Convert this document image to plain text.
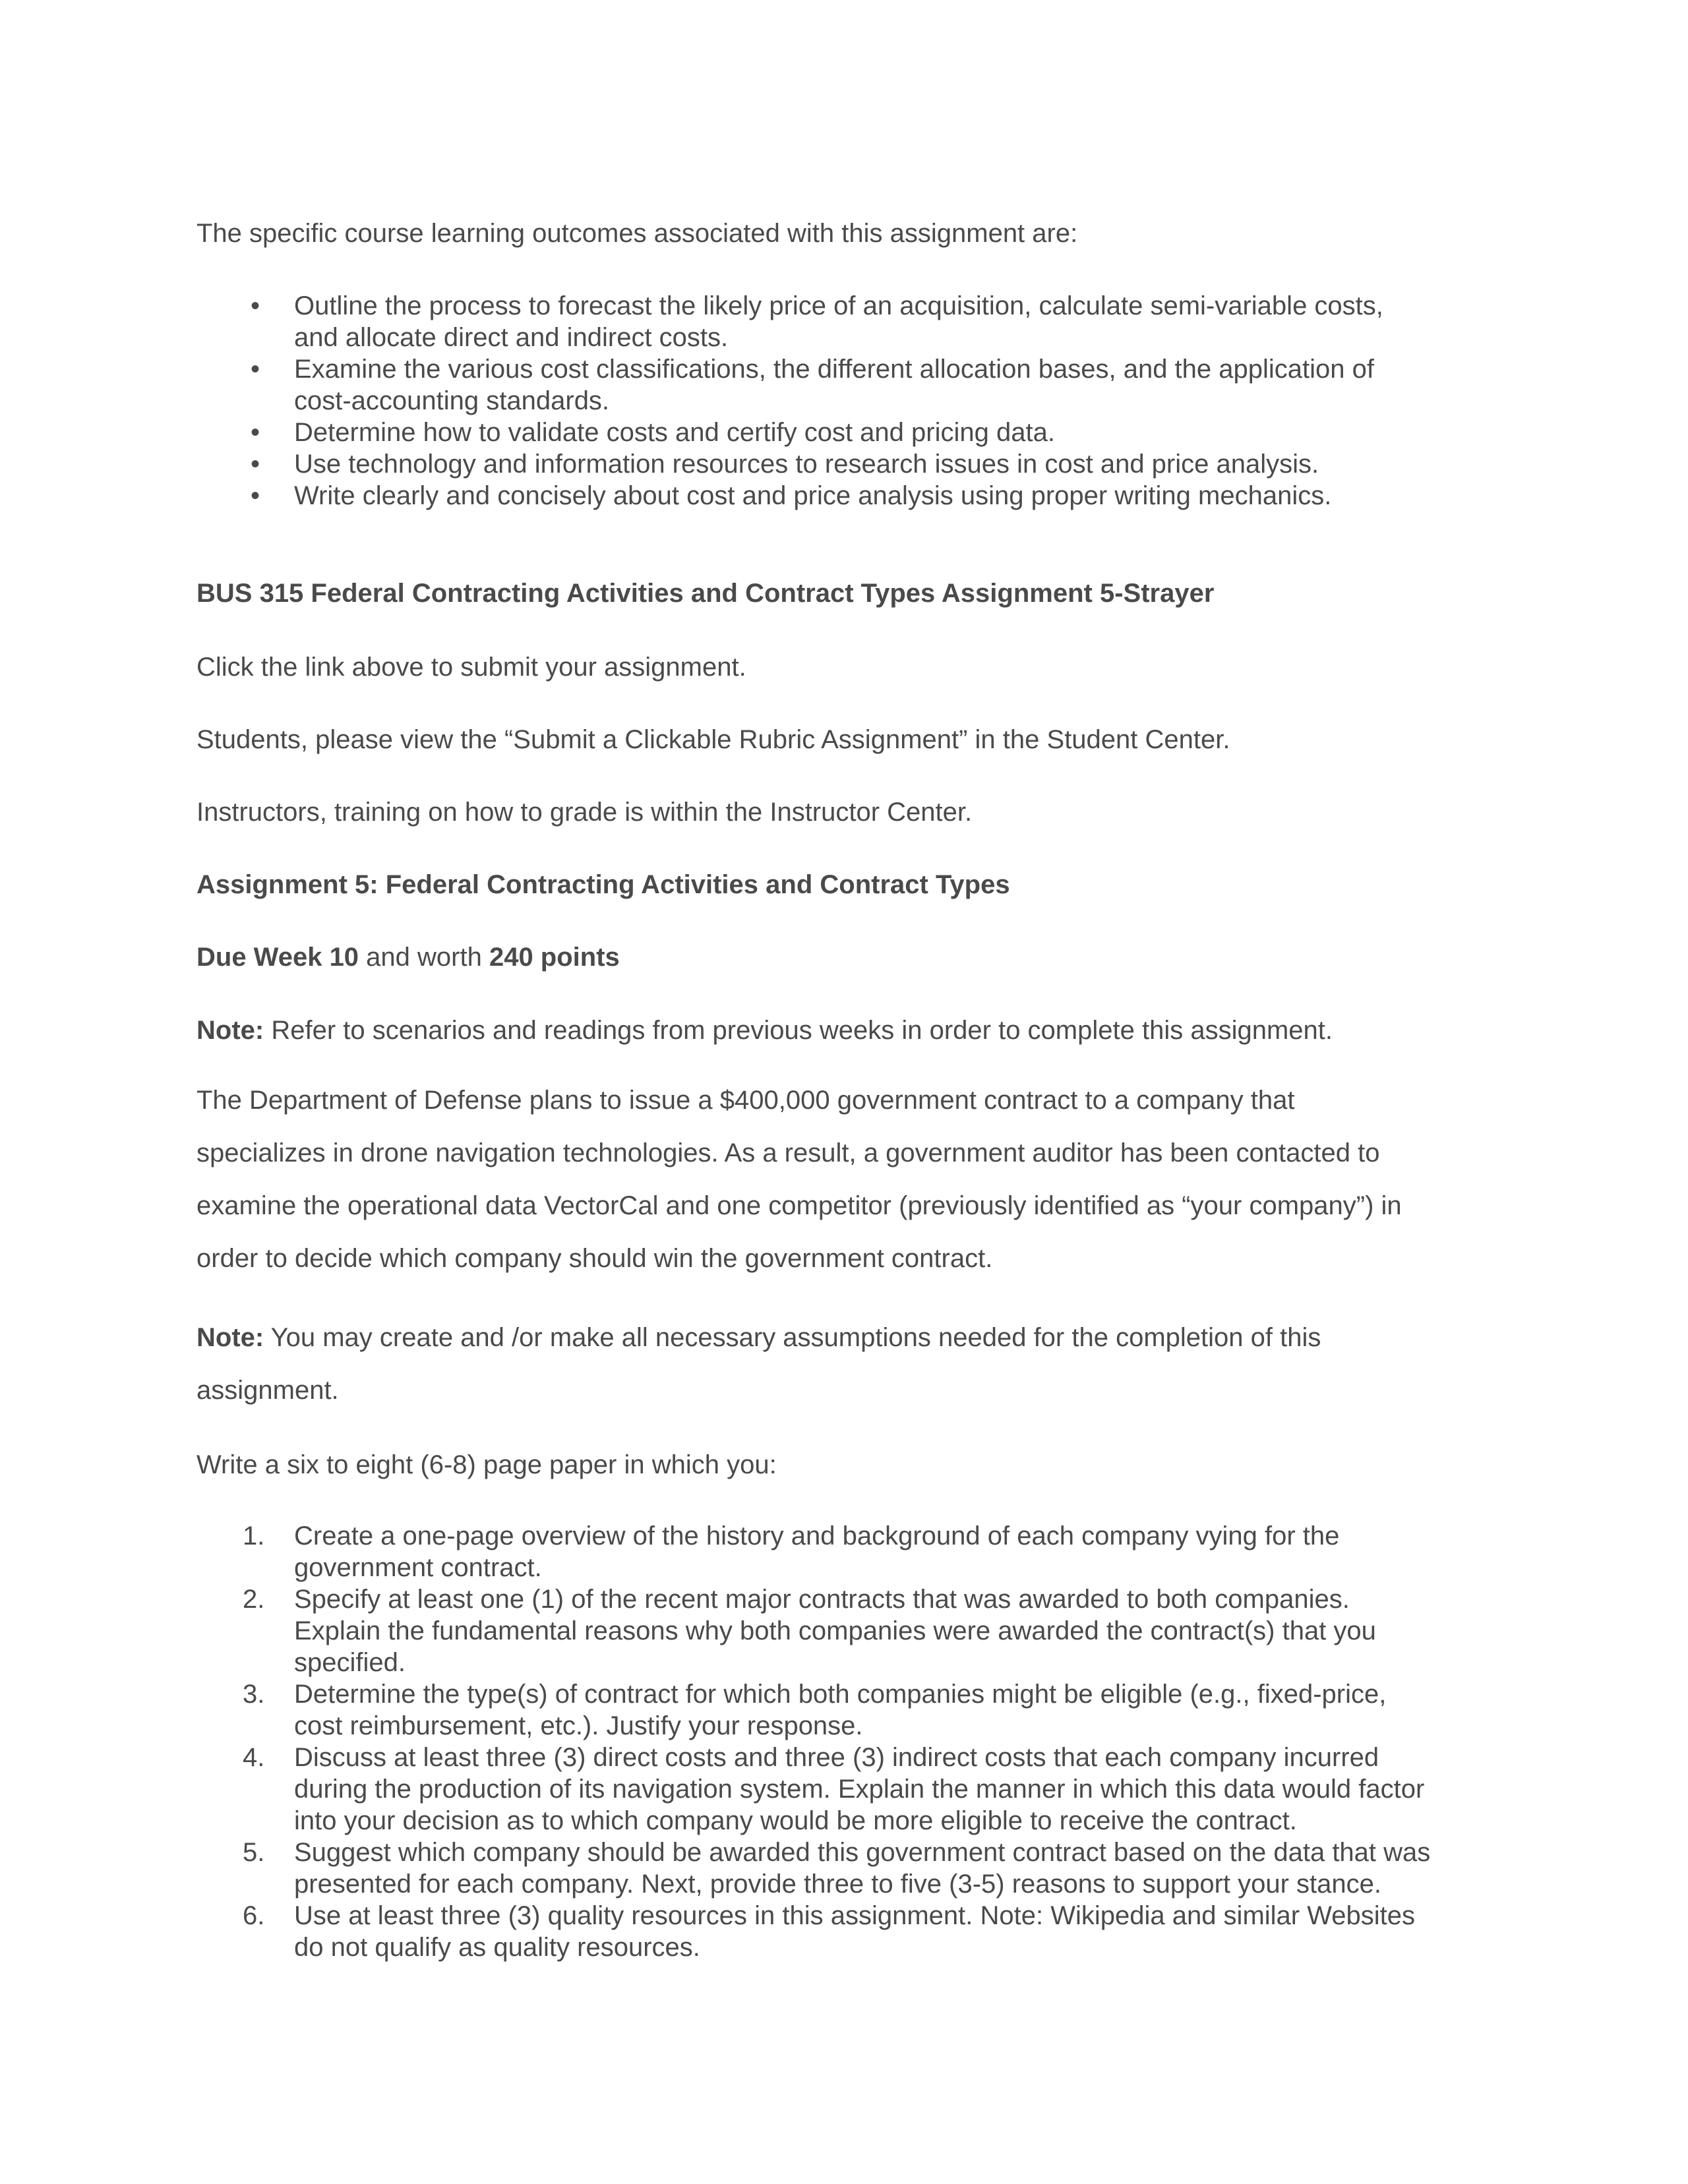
The specific course learning outcomes associated with this assignment are:

• Outline the process to forecast the likely price of an acquisition, calculate semi-variable costs,
and allocate direct and indirect costs.
• Examine the various cost classifications, the different allocation bases, and the application of
cost-accounting standards.
• Determine how to validate costs and certify cost and pricing data.
• Use technology and information resources to research issues in cost and price analysis.
• Write clearly and concisely about cost and price analysis using proper writing mechanics.

BUS 315 Federal Contracting Activities and Contract Types Assignment 5-Strayer

Click the link above to submit your assignment.

Students, please view the “Submit a Clickable Rubric Assignment” in the Student Center.

Instructors, training on how to grade is within the Instructor Center.

Assignment 5: Federal Contracting Activities and Contract Types

Due Week 10 and worth 240 points

Note: Refer to scenarios and readings from previous weeks in order to complete this assignment.

The Department of Defense plans to issue a $400,000 government contract to a company that
specializes in drone navigation technologies. As a result, a government auditor has been contacted to
examine the operational data VectorCal and one competitor (previously identified as “your company”) in
order to decide which company should win the government contract.
Note: You may create and /or make all necessary assumptions needed for the completion of this
assignment.

Write a six to eight (6-8) page paper in which you:

1. Create a one-page overview of the history and background of each company vying for the
government contract.
2. Specify at least one (1) of the recent major contracts that was awarded to both companies.
Explain the fundamental reasons why both companies were awarded the contract(s) that you
specified.
3. Determine the type(s) of contract for which both companies might be eligible (e.g., fixed-price,
cost reimbursement, etc.). Justify your response.
4. Discuss at least three (3) direct costs and three (3) indirect costs that each company incurred
during the production of its navigation system. Explain the manner in which this data would factor
into your decision as to which company would be more eligible to receive the contract.
5. Suggest which company should be awarded this government contract based on the data that was
presented for each company. Next, provide three to five (3-5) reasons to support your stance.
6. Use at least three (3) quality resources in this assignment. Note: Wikipedia and similar Websites
do not qualify as quality resources.
